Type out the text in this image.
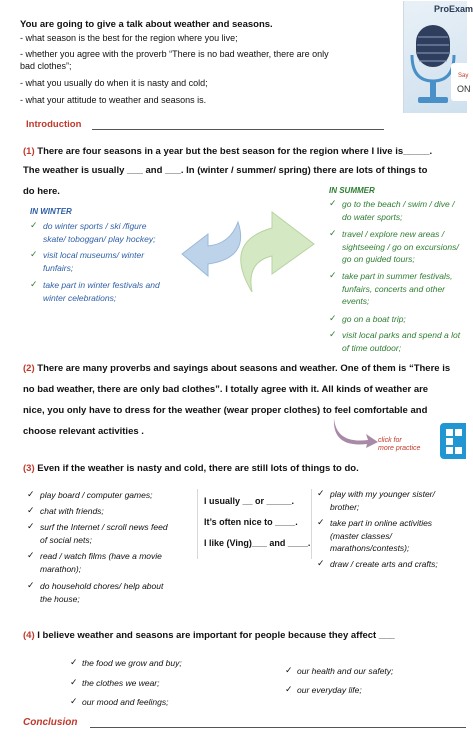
You are going to give a talk about weather and seasons.
- what season is the best for the region where you live;
- whether you agree with the proverb “There is no bad weather, there are only
bad clothes”;
- what you usually do when it is nasty and cold;
- what your attitude to weather and seasons is.
ProExam
Say
ON
Introduction
(1) There are four seasons in a year but the best season for the region where I live is_____.
The weather is usually ___ and ___. In (winter / summer/ spring) there are lots of things to
do here.
IN WINTER
✓ do winter sports / ski /figure
skate/ toboggan/ play hockey;
✓ visit local museums/ winter
funfairs;
✓ take part in winter festivals and
winter celebrations;
IN SUMMER
✓ go to the beach / swim / dive /
do water sports;
✓ travel / explore new areas /
sightseeing / go on excursions/
go on guided tours;
✓ take part in summer festivals,
funfairs, concerts and other
events;
✓ go on a boat trip;
✓ visit local parks and spend a lot
of time outdoor;
(2) There are many proverbs and sayings about seasons and weather. One of them is “There is
no bad weather, there are only bad clothes”. I totally agree with it. All kinds of weather are
nice, you only have to dress for the weather (wear proper clothes) to feel comfortable and
choose relevant activities .
click for
more practice
(3) Even if the weather is nasty and cold, there are still lots of things to do.
✓ play board / computer games;
✓ chat with friends;
✓ surf the Internet / scroll news feed
of social nets;
✓ read / watch films (have a movie
marathon);
✓ do household chores/ help about
the house;
I usually __ or _____.
It’s often nice to ____.
I like (Ving)___ and ____.
✓ play with my younger sister/
brother;
✓ take part in online activities
(master classes/
marathons/contests);
✓ draw / create arts and crafts;
(4) I believe weather and seasons are important for people because they affect ___
✓ the food we grow and buy;
✓ the clothes we wear;
✓ our mood and feelings;
✓ our health and our safety;
✓ our everyday life;
Conclusion
